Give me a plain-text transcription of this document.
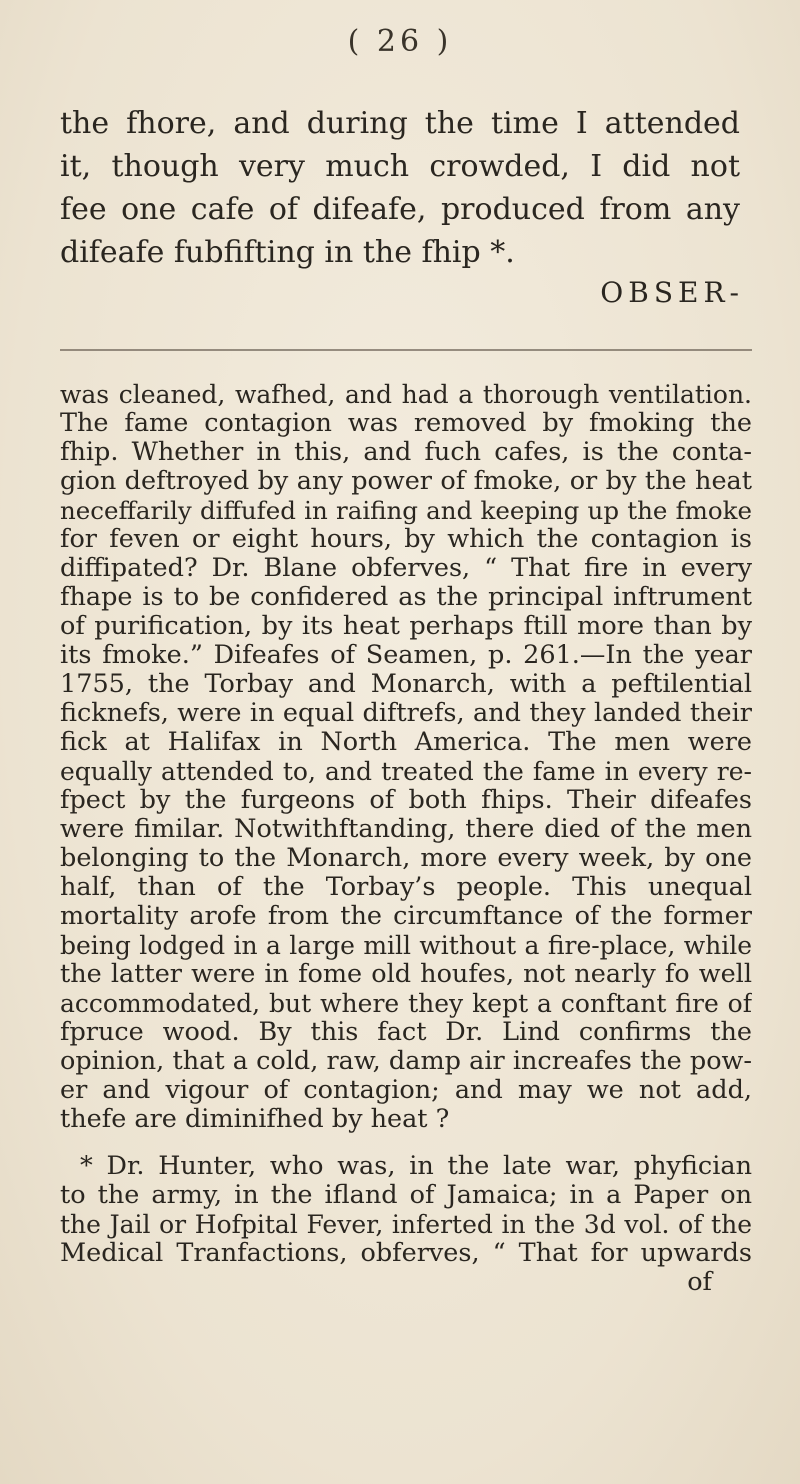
( 26 )
the fhore, and during the time I attended
it, though very much crowded, I did not
fee one cafe of difeafe, produced from any
difeafe fubfifting in the fhip *.
OBSER-
was cleaned, wafhed, and had a thorough ventilation.
The fame contagion was removed by fmoking the
fhip. Whether in this, and fuch cafes, is the conta-
gion deftroyed by any power of fmoke, or by the heat
neceffarily diffufed in raifing and keeping up the fmoke
for feven or eight hours, by which the contagion is
diffipated? Dr. Blane obferves, “ That fire in every
fhape is to be confidered as the principal inftrument
of purification, by its heat perhaps ftill more than by
its fmoke.” Difeafes of Seamen, p. 261.—In the year
1755, the Torbay and Monarch, with a peftilential
ficknefs, were in equal diftrefs, and they landed their
fick at Halifax in North America. The men were
equally attended to, and treated the fame in every re-
fpect by the furgeons of both fhips. Their difeafes
were fimilar. Notwithftanding, there died of the men
belonging to the Monarch, more every week, by one
half, than of the Torbay’s people. This unequal
mortality arofe from the circumftance of the former
being lodged in a large mill without a fire-place, while
the latter were in fome old houfes, not nearly fo well
accommodated, but where they kept a conftant fire of
fpruce wood. By this fact Dr. Lind confirms the
opinion, that a cold, raw, damp air increafes the pow-
er and vigour of contagion; and may we not add,
thefe are diminifhed by heat ?
* Dr. Hunter, who was, in the late war, phyfician
to the army, in the ifland of Jamaica; in a Paper on
the Jail or Hofpital Fever, inferted in the 3d vol. of the
Medical Tranfactions, obferves, “ That for upwards
of
